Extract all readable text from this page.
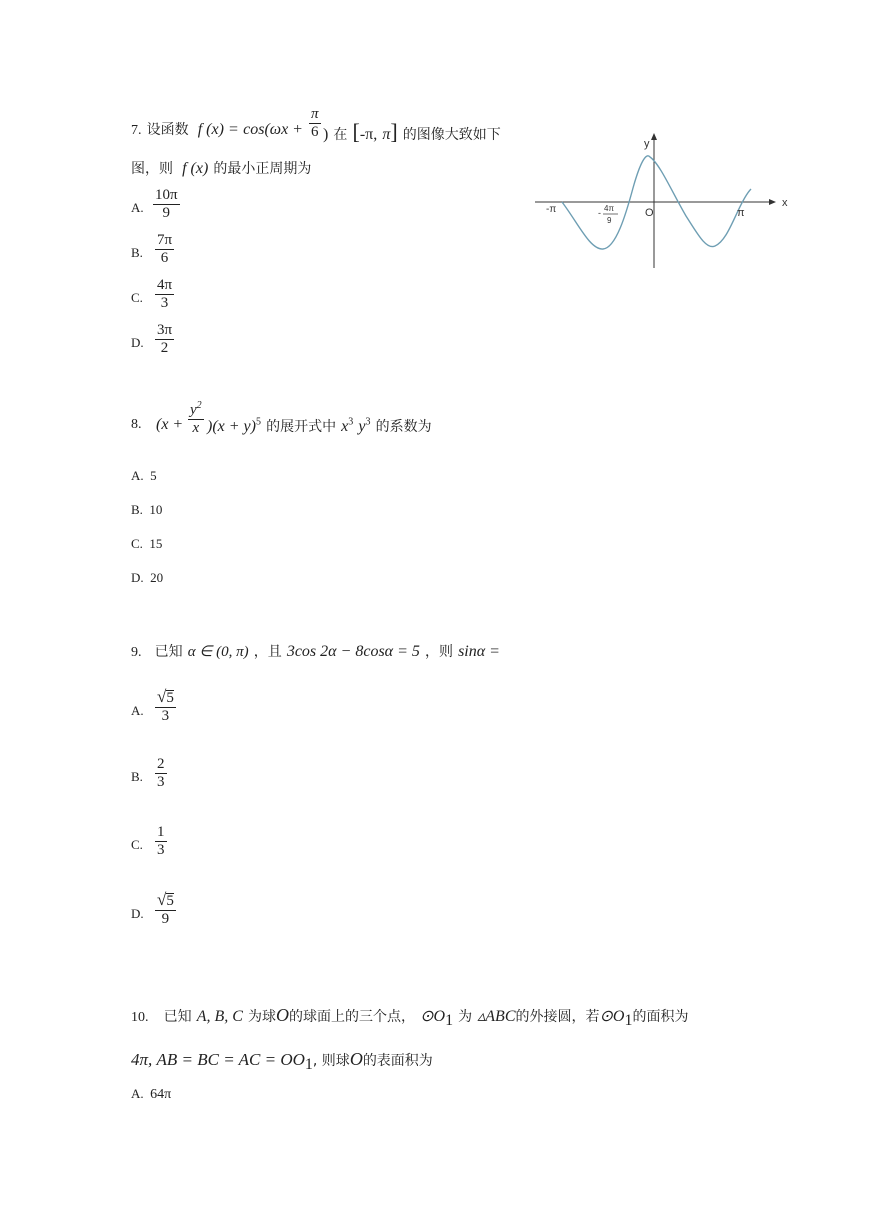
7. 设函数 f (x) = cos(ωx +
π
6 ) 在 [-π, π] 的图像大致如下
图，则 f (x) 的最小正周期为
A.
10π
9
B.
7π
6
C.
4π
3
D.
3π
2
y
x
-π	O	π
- 4π
9
8. (x +
$y^2$
x )$(x + y)^5$ 的展开式中 $x^3$ $y^3$ 的系数为
A. 5
B. 10
C. 15
D. 20
9. 已知 α ∈ (0, π) ，且 3cos 2α − 8cosα = 5 ，则 sinα =
A.
√ 5
3
B.
2
3
C.
1
3
D.
√ 5
9
10. 已知 A, B, C 为球O的球面上的三个点， $⊙O_1$ 为 ▵ABC的外接圆，若$⊙O_1$的面积为
4π, AB = BC = AC = $OO_1$, 则球O的表面积为
A. 64π
